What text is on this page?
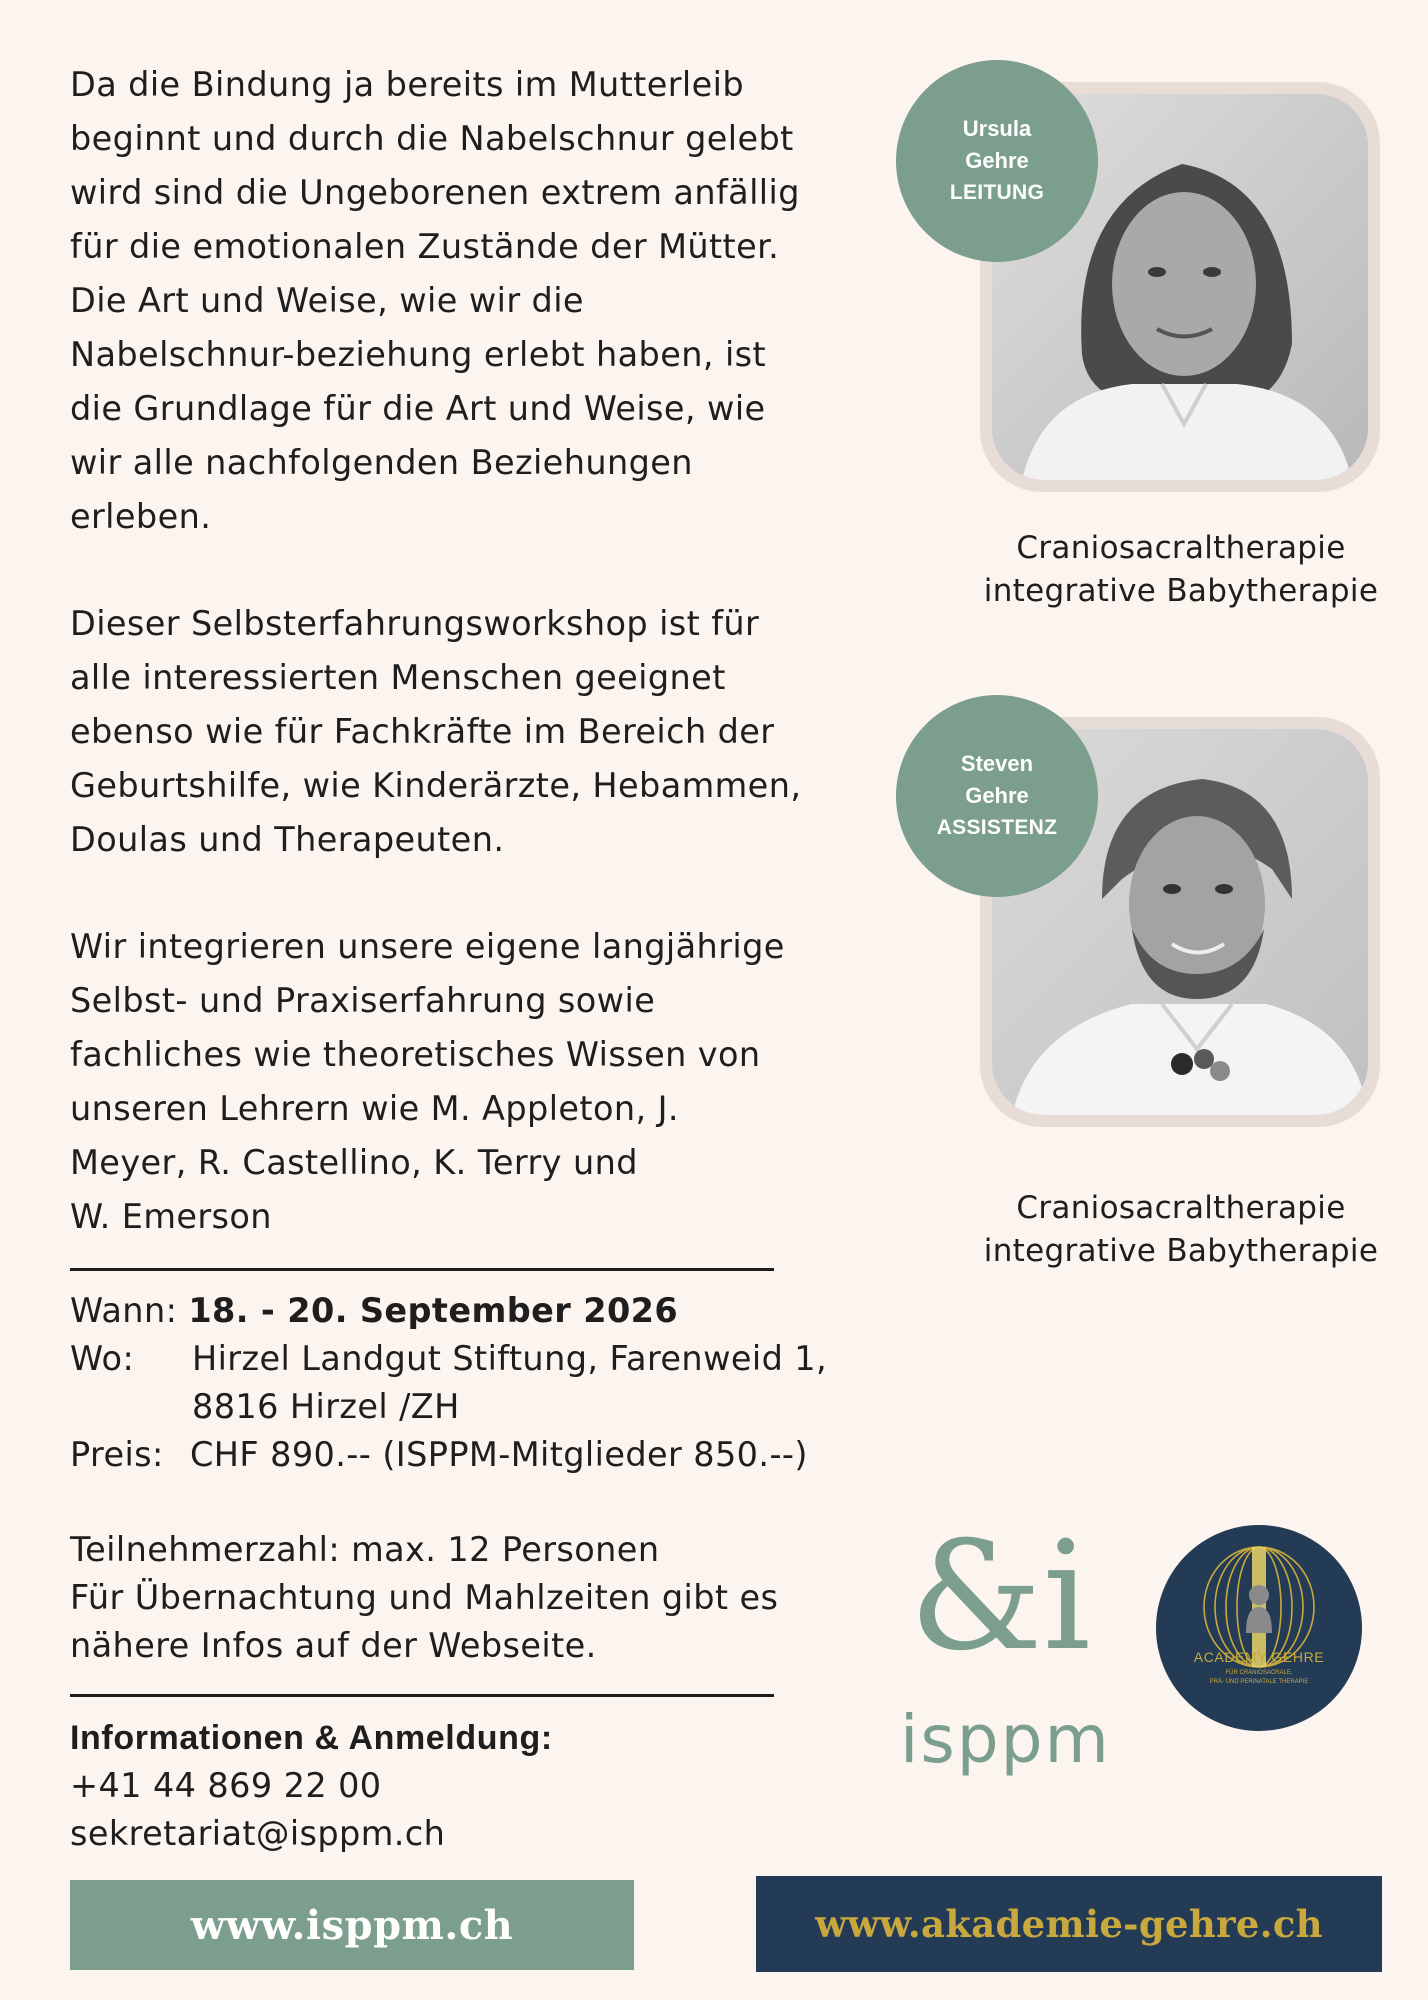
Da die Bindung ja bereits im Mutterleib
beginnt und durch die Nabelschnur gelebt
wird sind die Ungeborenen extrem anfällig
für die emotionalen Zustände der Mütter.
Die Art und Weise, wie wir die
Nabelschnur-beziehung erlebt haben, ist
die Grundlage für die Art und Weise, wie
wir alle nachfolgenden Beziehungen
erleben.

Dieser Selbsterfahrungsworkshop ist für
alle interessierten Menschen geeignet
ebenso wie für Fachkräfte im Bereich der
Geburtshilfe, wie Kinderärzte, Hebammen,
Doulas und Therapeuten.

Wir integrieren unsere eigene langjährige
Selbst- und Praxiserfahrung sowie
fachliches wie theoretisches Wissen von
unseren Lehrern wie M. Appleton, J.
Meyer, R. Castellino, K. Terry und
W. Emerson

Wann: 18. - 20. September 2026
Wo: Hirzel Landgut Stiftung, Farenweid 1,
8816 Hirzel /ZH
Preis: CHF 890.-- (ISPPM-Mitglieder 850.--)
Teilnehmerzahl: max. 12 Personen
Für Übernachtung und Mahlzeiten gibt es
nähere Infos auf der Webseite.
Informationen & Anmeldung:
+41 44 869 22 00
sekretariat@isppm.ch
Ursula
Gehre
LEITUNG
Craniosacraltherapie
integrative Babytherapie
Steven
Gehre
ASSISTENZ
Craniosacraltherapie
integrative Babytherapie
&i
isppm
ACADEMY GEHRE
FÜR CRANIOSACRALE,
PRÄ- UND PERINATALE THERAPIE
www.isppm.ch	www.akademie-gehre.ch
